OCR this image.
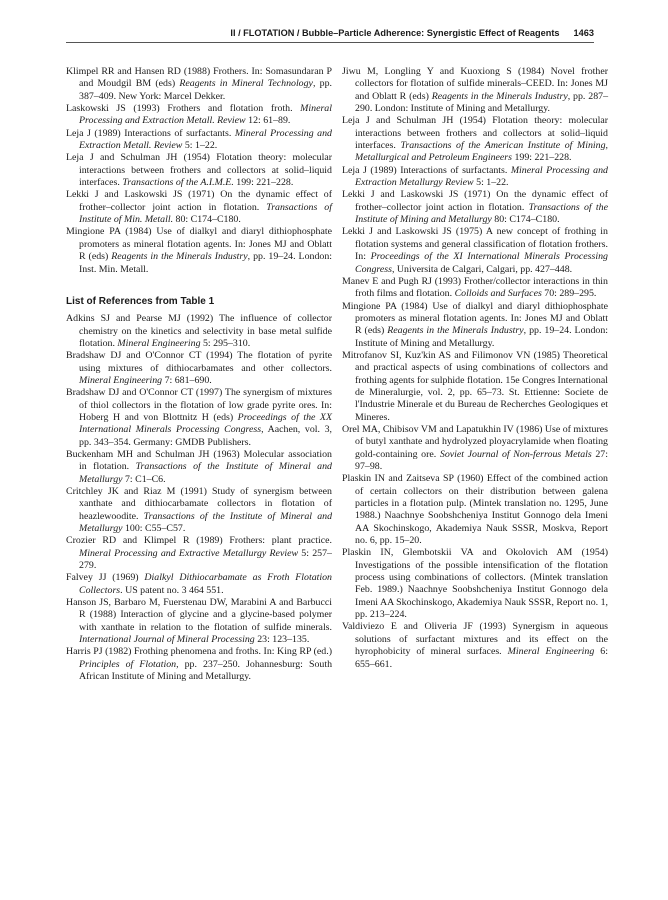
II / FLOTATION / Bubble–Particle Adherence: Synergistic Effect of Reagents 1463

Klimpel RR and Hansen RD (1988) Frothers. In: Somasundaran P and Moudgil BM (eds) Reagents in Mineral Technology, pp. 387–409. New York: Marcel Dekker.

Laskowski JS (1993) Frothers and flotation froth. Mineral Processing and Extraction Metall. Review 12: 61–89.

Leja J (1989) Interactions of surfactants. Mineral Processing and Extraction Metall. Review 5: 1–22.

Leja J and Schulman JH (1954) Flotation theory: molecular interactions between frothers and collectors at solid–liquid interfaces. Transactions of the A.I.M.E. 199: 221–228.

Lekki J and Laskowski JS (1971) On the dynamic effect of frother–collector joint action in flotation. Transactions of Institute of Min. Metall. 80: C174–C180.

Mingione PA (1984) Use of dialkyl and diaryl dithiophosphate promoters as mineral flotation agents. In: Jones MJ and Oblatt R (eds) Reagents in the Minerals Industry, pp. 19–24. London: Inst. Min. Metall.

List of References from Table 1

Adkins SJ and Pearse MJ (1992) The influence of collector chemistry on the kinetics and selectivity in base metal sulfide flotation. Mineral Engineering 5: 295–310.

Bradshaw DJ and O'Connor CT (1994) The flotation of pyrite using mixtures of dithiocarbamates and other collectors. Mineral Engineering 7: 681–690.

Bradshaw DJ and O'Connor CT (1997) The synergism of mixtures of thiol collectors in the flotation of low grade pyrite ores. In: Hoberg H and von Blottnitz H (eds) Proceedings of the XX International Minerals Processing Congress, Aachen, vol. 3, pp. 343–354. Germany: GMDB Publishers.

Buckenham MH and Schulman JH (1963) Molecular association in flotation. Transactions of the Institute of Mineral and Metallurgy 7: C1–C6.

Critchley JK and Riaz M (1991) Study of synergism between xanthate and dithiocarbamate collectors in flotation of heazlewoodite. Transactions of the Institute of Mineral and Metallurgy 100: C55–C57.

Crozier RD and Klimpel R (1989) Frothers: plant practice. Mineral Processing and Extractive Metallurgy Review 5: 257–279.

Falvey JJ (1969) Dialkyl Dithiocarbamate as Froth Flotation Collectors. US patent no. 3 464 551.

Hanson JS, Barbaro M, Fuerstenau DW, Marabini A and Barbucci R (1988) Interaction of glycine and a glycine-based polymer with xanthate in relation to the flotation of sulfide minerals. International Journal of Mineral Processing 23: 123–135.

Harris PJ (1982) Frothing phenomena and froths. In: King RP (ed.) Principles of Flotation, pp. 237–250. Johannesburg: South African Institute of Mining and Metallurgy.

Jiwu M, Longling Y and Kuoxiong S (1984) Novel frother collectors for flotation of sulfide minerals–CEED. In: Jones MJ and Oblatt R (eds) Reagents in the Minerals Industry, pp. 287–290. London: Institute of Mining and Metallurgy.

Leja J and Schulman JH (1954) Flotation theory: molecular interactions between frothers and collectors at solid–liquid interfaces. Transactions of the American Institute of Mining, Metallurgical and Petroleum Engineers 199: 221–228.

Leja J (1989) Interactions of surfactants. Mineral Processing and Extraction Metallurgy Review 5: 1–22.

Lekki J and Laskowski JS (1971) On the dynamic effect of frother–collector joint action in flotation. Transactions of the Institute of Mining and Metallurgy 80: C174–C180.

Lekki J and Laskowski JS (1975) A new concept of frothing in flotation systems and general classification of flotation frothers. In: Proceedings of the XI International Minerals Processing Congress, Universita de Calgari, Calgari, pp. 427–448.

Manev E and Pugh RJ (1993) Frother/collector interactions in thin froth films and flotation. Colloids and Surfaces 70: 289–295.

Mingione PA (1984) Use of dialkyl and diaryl dithiophosphate promoters as mineral flotation agents. In: Jones MJ and Oblatt R (eds) Reagents in the Minerals Industry, pp. 19–24. London: Institute of Mining and Metallurgy.

Mitrofanov SI, Kuz'kin AS and Filimonov VN (1985) Theoretical and practical aspects of using combinations of collectors and frothing agents for sulphide flotation. 15e Congres International de Mineralurgie, vol. 2, pp. 65–73. St. Ettienne: Societe de l'Industrie Minerale et du Bureau de Recherches Geologiques et Mineres.

Orel MA, Chibisov VM and Lapatukhin IV (1986) Use of mixtures of butyl xanthate and hydrolyzed ployacrylamide when floating gold-containing ore. Soviet Journal of Non-ferrous Metals 27: 97–98.

Plaskin IN and Zaitseva SP (1960) Effect of the combined action of certain collectors on their distribution between galena particles in a flotation pulp. (Mintek translation no. 1295, June 1988.) Naachnye Soobshcheniya Institut Gonnogo dela Imeni AA Skochinskogo, Akademiya Nauk SSSR, Moskva, Report no. 6, pp. 15–20.

Plaskin IN, Glembotskii VA and Okolovich AM (1954) Investigations of the possible intensification of the flotation process using combinations of collectors. (Mintek translation Feb. 1989.) Naachnye Soobshcheniya Institut Gonnogo dela Imeni AA Skochinskogo, Akademiya Nauk SSSR, Report no. 1, pp. 213–224.

Valdiviezo E and Oliveria JF (1993) Synergism in aqueous solutions of surfactant mixtures and its effect on the hyrophobicity of mineral surfaces. Mineral Engineering 6: 655–661.
